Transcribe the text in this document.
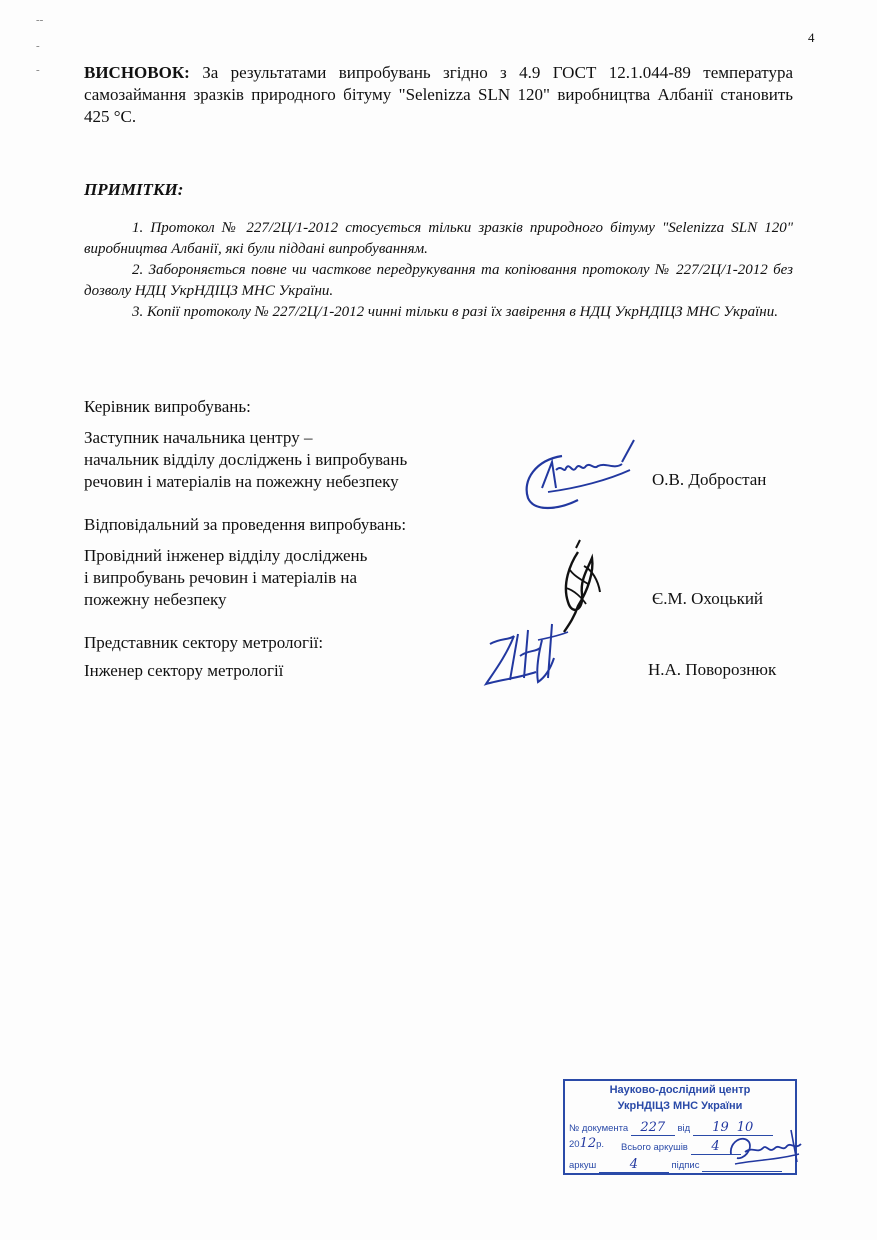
4
--
-
-	ВИСНОВОК: За результатами випробувань згідно з 4.9 ГОСТ 12.1.044-89 температура самозаймання зразків природного бітуму "Selenizza SLN 120" виробництва Албанії становить 425 °С.
ПРИМІТКИ:

1. Протокол № 227/2Ц/1-2012 стосується тільки зразків природного бітуму "Selenizza SLN 120" виробництва Албанії, які були піддані випробуванням.

2. Забороняється повне чи часткове передрукування та копіювання протоколу № 227/2Ц/1-2012 без дозволу НДЦ УкрНДІЦЗ МНС України.

3. Копії протоколу № 227/2Ц/1-2012 чинні тільки в разі їх завірення в НДЦ УкрНДІЦЗ МНС України.

Керівник випробувань:
Заступник начальника центру –
начальник відділу досліджень і випробувань
речовин і матеріалів на пожежну небезпеку	О.В. Добростан
Відповідальний за проведення випробувань:
Провідний інженер відділу досліджень
і випробувань речовин і матеріалів на
пожежну небезпеку	Є.М. Охоцький
Представник сектору метрології:
Інженер сектору метрології	Н.А. Поворознюк
Науково-дослідний центр
УкрНДІЦЗ МНС України
№ документа 227 від 19 10 2012р.	Всього аркушів 4
аркуш	4	підпис
